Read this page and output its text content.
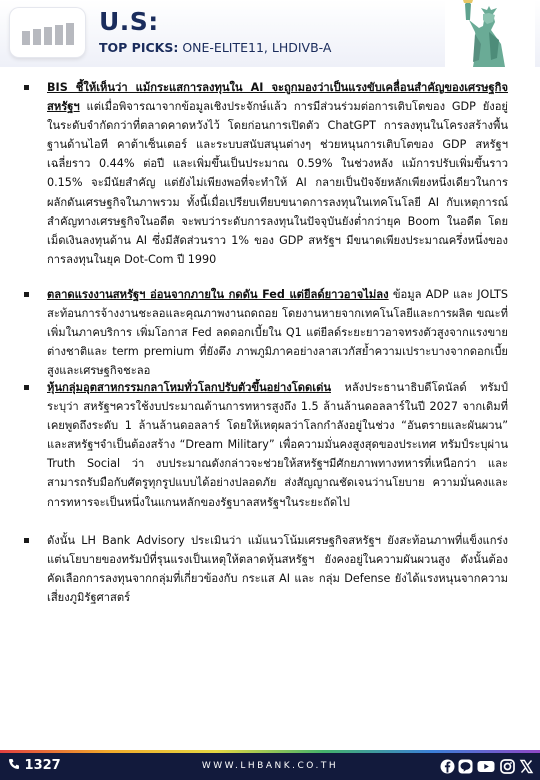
U.S:
TOP PICKS: ONE-ELITE11, LHDIVB-A
BIS ชี้ให้เห็นว่า แม้กระแสการลงทุนใน AI จะถูกมองว่าเป็นแรงขับเคลื่อนสำคัญของเศรษฐกิจสหรัฐฯ แต่เมื่อพิจารณาจากข้อมูลเชิงประจักษ์แล้ว การมีส่วนร่วมต่อการเติบโตของ GDP ยังอยู่ในระดับจำกัดกว่าที่ตลาดคาดหวังไว้ โดยก่อนการเปิดตัว ChatGPT การลงทุนในโครงสร้างพื้นฐานด้านไอที คาต้าเซ็นเตอร์ และระบบสนับสนุนต่างๆ ช่วยหนุนการเติบโตของ GDP สหรัฐฯ เฉลี่ยราว 0.44% ต่อปี และเพิ่มขึ้นเป็นประมาณ 0.59% ในช่วงหลัง แม้การปรับเพิ่มขึ้นราว 0.15% จะมีนัยสำคัญ แต่ยังไม่เพียงพอที่จะทำให้ AI กลายเป็นปัจจัยหลักเพียงหนึ่งเดียวในการผลักดันเศรษฐกิจในภาพรวม ทั้งนี้เมื่อเปรียบเทียบขนาดการลงทุนในเทคโนโลยี AI กับเหตุการณ์สำคัญทางเศรษฐกิจในอดีต จะพบว่าระดับการลงทุนในปัจจุบันยังต่ำกว่ายุค Boom ในอดีต โดยเม็ดเงินลงทุนด้าน AI ซึ่งมีสัดส่วนราว 1% ของ GDP สหรัฐฯ มีขนาดเพียงประมาณครึ่งหนึ่งของการลงทุนในยุค Dot-Com ปี 1990
ตลาดแรงงานสหรัฐฯ อ่อนจากภายใน กดดัน Fed แต่ยีลด์ยาวอาจไม่ลง ข้อมูล ADP และ JOLTS สะท้อนการจ้างงานชะลอและคุณภาพงานถดถอย โดยงานหายจากเทคโนโลยีและการผลิต ขณะที่เพิ่มในภาคบริการ เพิ่มโอกาส Fed ลดดอกเบี้ยใน Q1 แต่ยีลด์ระยะยาวอาจทรงตัวสูงจากแรงขายต่างชาติและ term premium ที่ยังตึง ภาพภูมิภาคอย่างลาสเวกัสย้ำความเปราะบางจากดอกเบี้ยสูงและเศรษฐกิจชะลอ
หุ้นกลุ่มอุตสาหกรรมกลาโหมทั่วโลกปรับตัวขึ้นอย่างโดดเด่น หลังประธานาธิบดีโดนัลด์ ทรัมป์ ระบุว่า สหรัฐฯควรใช้งบประมาณด้านการทหารสูงถึง 1.5 ล้านล้านดอลลาร์ในปี 2027 จากเดิมที่เคยพูดถึงระดับ 1 ล้านล้านดอลลาร์ โดยให้เหตุผลว่าโลกกำลังอยู่ในช่วง “อันตรายและผันผวน” และสหรัฐฯจำเป็นต้องสร้าง “Dream Military” เพื่อความมั่นคงสูงสุดของประเทศ ทรัมป์ระบุผ่าน Truth Social ว่า งบประมาณดังกล่าวจะช่วยให้สหรัฐฯมีศักยภาพทางทหารที่เหนือกว่า และสามารถรับมือกับศัตรูทุกรูปแบบได้อย่างปลอดภัย ส่งสัญญาณชัดเจนว่านโยบาย ความมั่นคงและการทหารจะเป็นหนึ่งในแกนหลักของรัฐบาลสหรัฐฯในระยะถัดไป
ดังนั้น LH Bank Advisory ประเมินว่า แม้แนวโน้มเศรษฐกิจสหรัฐฯ ยังสะท้อนภาพที่แข็งแกร่ง แต่นโยบายของทรัมป์ที่รุนแรงเป็นเหตุให้ตลาดหุ้นสหรัฐฯ ยังคงอยู่ในความผันผวนสูง ดังนั้นต้องคัดเลือกการลงทุนจากกลุ่มที่เกี่ยวข้องกับ กระแส AI และ กลุ่ม Defense ยังได้แรงหนุนจากความเสี่ยงภูมิรัฐศาสตร์
1327	WWW.LHBANK.CO.TH
